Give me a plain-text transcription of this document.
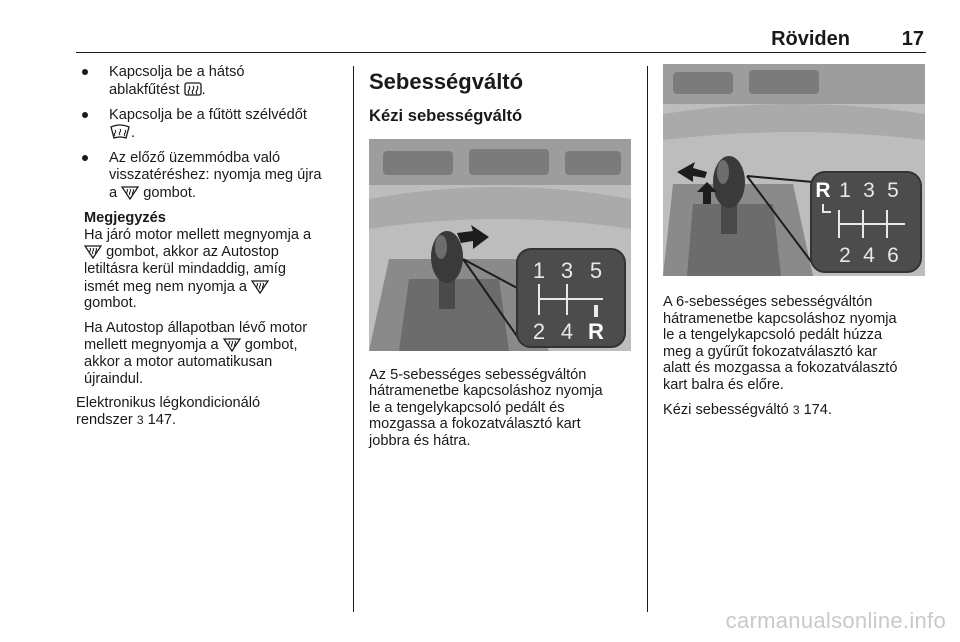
Röviden	17
Kapcsolja be a hátsó
ablakfűtést .
Kapcsolja be a fűtött szélvédőt
.
Az előző üzemmódba való
visszatéréshez: nyomja meg újra
a gombot.
Megjegyzés

Ha járó motor mellett megnyomja a
gombot, akkor az Autostop
letiltásra kerül mindaddig, amíg
ismét meg nem nyomja a
gombot.

Ha Autostop állapotban lévő motor
mellett megnyomja a gombot,
akkor a motor automatikusan
újraindul.

Elektronikus légkondicionáló
rendszer 3 147.

Sebességváltó
Kézi sebességváltó
1 3 5
2 4 R

Az 5-sebességes sebességváltón
hátramenetbe kapcsoláshoz nyomja
le a tengelykapcsoló pedált és
mozgassa a fokozatválasztó kart
jobbra és hátra.

R 1 3 5
2 4 6

A 6-sebességes sebességváltón
hátramenetbe kapcsoláshoz nyomja
le a tengelykapcsoló pedált húzza
meg a gyűrűt fokozatválasztó kar
alatt és mozgassa a fokozatválasztó
kart balra és előre.

Kézi sebességváltó 3 174.

carmanualsonline.info
